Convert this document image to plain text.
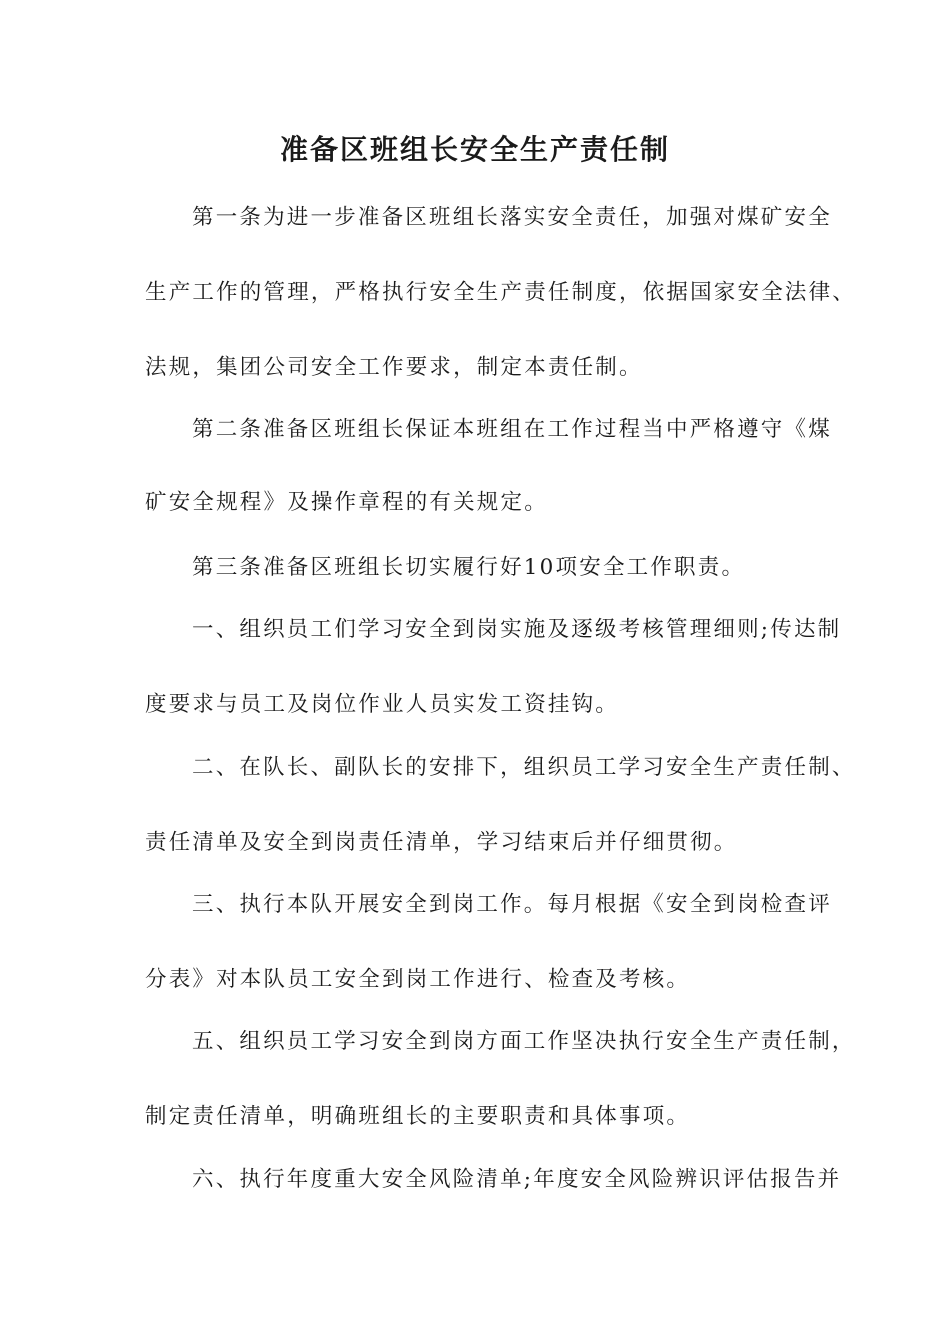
准备区班组长安全生产责任制

第一条为进一步准备区班组长落实安全责任，加强对煤矿安全

生产工作的管理，严格执行安全生产责任制度，依据国家安全法律、

法规，集团公司安全工作要求，制定本责任制。

第二条准备区班组长保证本班组在工作过程当中严格遵守《煤

矿安全规程》及操作章程的有关规定。

第三条准备区班组长切实履行好10项安全工作职责。

一、组织员工们学习安全到岗实施及逐级考核管理细则;传达制

度要求与员工及岗位作业人员实发工资挂钩。

二、在队长、副队长的安排下，组织员工学习安全生产责任制、

责任清单及安全到岗责任清单，学习结束后并仔细贯彻。

三、执行本队开展安全到岗工作。每月根据《安全到岗检查评

分表》对本队员工安全到岗工作进行、检查及考核。

五、组织员工学习安全到岗方面工作坚决执行安全生产责任制，

制定责任清单，明确班组长的主要职责和具体事项。

六、执行年度重大安全风险清单;年度安全风险辨识评估报告并
